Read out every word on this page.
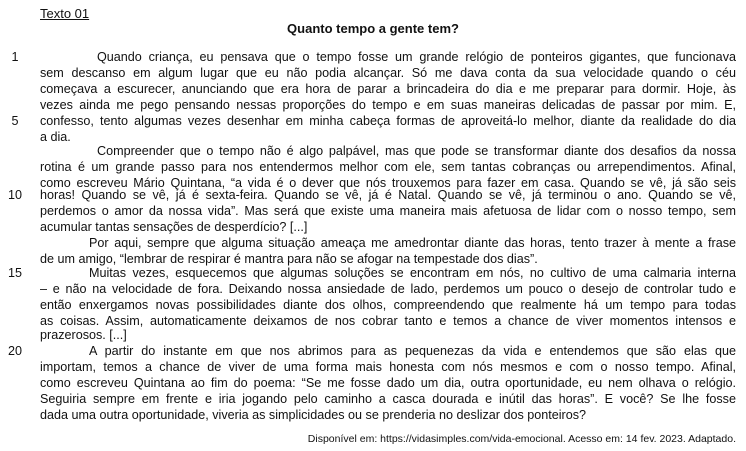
Texto 01
Quanto tempo a gente tem?
1
5
10
15
20
Quando criança, eu pensava que o tempo fosse um grande relógio de ponteiros gigantes, que funcionava
sem descanso em algum lugar que eu não podia alcançar. Só me dava conta da sua velocidade quando o céu
começava a escurecer, anunciando que era hora de parar a brincadeira do dia e me preparar para dormir. Hoje, às
vezes ainda me pego pensando nessas proporções do tempo e em suas maneiras delicadas de passar por mim. E,
confesso, tento algumas vezes desenhar em minha cabeça formas de aproveitá-lo melhor, diante da realidade do dia
a dia.
Compreender que o tempo não é algo palpável, mas que pode se transformar diante dos desafios da nossa
rotina é um grande passo para nos entendermos melhor com ele, sem tantas cobranças ou arrependimentos. Afinal,
como escreveu Mário Quintana, “a vida é o dever que nós trouxemos para fazer em casa. Quando se vê, já são seis
horas! Quando se vê, já é sexta-feira. Quando se vê, já é Natal. Quando se vê, já terminou o ano. Quando se vê,
perdemos o amor da nossa vida”. Mas será que existe uma maneira mais afetuosa de lidar com o nosso tempo, sem
acumular tantas sensações de desperdício? [...]
Por aqui, sempre que alguma situação ameaça me amedrontar diante das horas, tento trazer à mente a frase
de um amigo, “lembrar de respirar é mantra para não se afogar na tempestade dos dias”.
Muitas vezes, esquecemos que algumas soluções se encontram em nós, no cultivo de uma calmaria interna
– e não na velocidade de fora. Deixando nossa ansiedade de lado, perdemos um pouco o desejo de controlar tudo e
então enxergamos novas possibilidades diante dos olhos, compreendendo que realmente há um tempo para todas
as coisas. Assim, automaticamente deixamos de nos cobrar tanto e temos a chance de viver momentos intensos e
prazerosos. [...]
A partir do instante em que nos abrimos para as pequenezas da vida e entendemos que são elas que
importam, temos a chance de viver de uma forma mais honesta com nós mesmos e com o nosso tempo. Afinal,
como escreveu Quintana ao fim do poema: “Se me fosse dado um dia, outra oportunidade, eu nem olhava o relógio.
Seguiria sempre em frente e iria jogando pelo caminho a casca dourada e inútil das horas”. E você? Se lhe fosse
dada uma outra oportunidade, viveria as simplicidades ou se prenderia no deslizar dos ponteiros?
Disponível em: https://vidasimples.com/vida-emocional. Acesso em: 14 fev. 2023. Adaptado.
